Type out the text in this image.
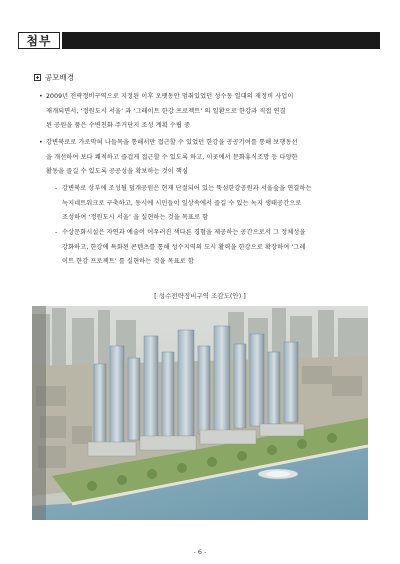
첨부
공모배경
• 2009년 전략정비구역으로 지정된 이후 오랫동안 멈춰있었던 성수동 일대의 재정비 사업이
재개되면서, ‘정원도시 서울’ 과 ‘그레이트 한강 프로젝트’ 의 일환으로 한강과 직접 연결
된 공원을 품은 수변친화 주거단지 조성 계획 수립 중
• 강변북로로 가로막혀 나들목을 통해서만 접근할 수 있었던 한강을 공공기여를 통해 보행동선
을 개선하여 보다 쾌적하고 즐겁게 접근할 수 있도록 하고, 이곳에서 문화휴식조망 등 다양한
활동을 즐길 수 있도록 공공성을 확보하는 것이 핵심
- 강변북로 상부에 조성될 덮개공원은 현재 단절되어 있는 뚝섬한강공원과 서울숲을 연결하는
녹지네트워크로 구축하고, 동시에 시민들이 일상속에서 즐길 수 있는 녹지 생태공간으로
조성하여 ‘정원도시 서울’ 을 실현하는 것을 목표로 함
- 수상문화시설은 자연과 예술이 어우러진 색다른 경험을 제공하는 공간으로서 그 정체성을
강화하고, 한강에 특화된 콘텐츠를 통해 성수지역의 도시 활력을 한강으로 확장하여 ‘그레
이트 한강 프로젝트’ 를 실현하는 것을 목표로 함
[ 성수전략정비구역 조감도(안) ]
- 6 -
